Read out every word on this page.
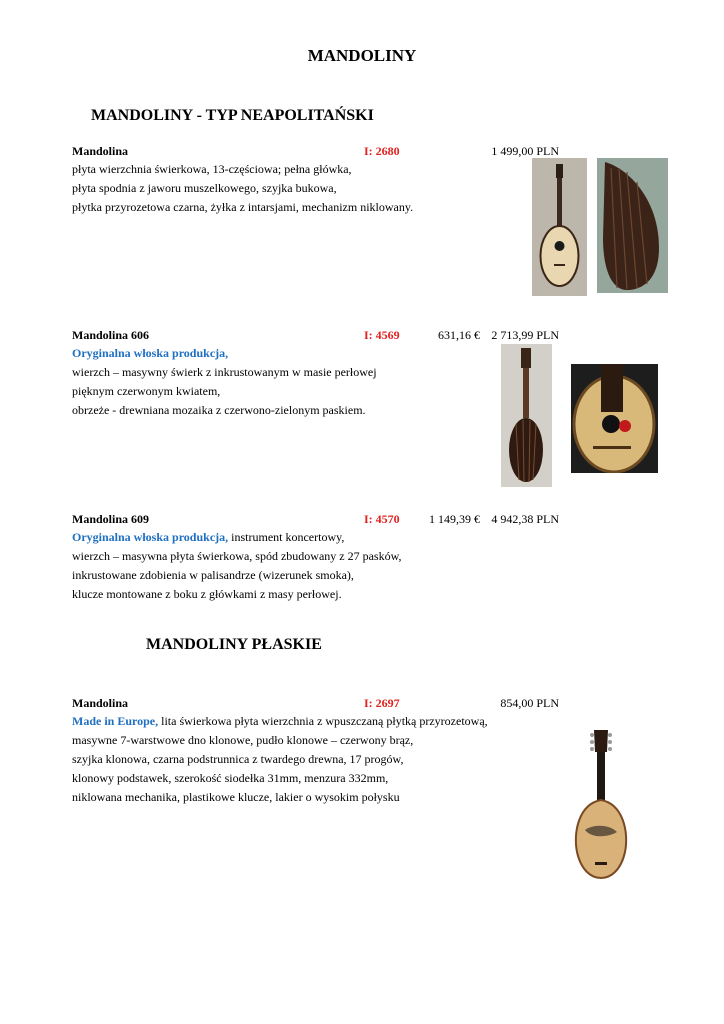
MANDOLINY
MANDOLINY - TYP NEAPOLITAŃSKI
Mandolina	I: 2680	1 499,00 PLN
płyta wierzchnia świerkowa, 13-częściowa; pełna główka,
płyta spodnia z jaworu muszelkowego, szyjka bukowa,
płytka przyrozetowa czarna, żyłka z intarsjami, mechanizm niklowany.
Mandolina 606	I: 4569	631,16 € 2 713,99 PLN
Oryginalna włoska produkcja,
wierzch – masywny świerk z inkrustowanym w masie perłowej
pięknym czerwonym kwiatem,
obrzeże - drewniana mozaika z czerwono-zielonym paskiem.
Mandolina 609	I: 4570 1 149,39 € 4 942,38 PLN
Oryginalna włoska produkcja, instrument koncertowy,
wierzch – masywna płyta świerkowa, spód zbudowany z 27 pasków,
inkrustowane zdobienia w palisandrze (wizerunek smoka),
klucze montowane z boku z główkami z masy perłowej.
MANDOLINY PŁASKIE
Mandolina	I: 2697	854,00 PLN
Made in Europe, lita świerkowa płyta wierzchnia z wpuszczaną płytką przyrozetową,
masywne 7-warstwowe dno klonowe, pudło klonowe – czerwony brąz,
szyjka klonowa, czarna podstrunnica z twardego drewna, 17 progów,
klonowy podstawek, szerokość siodełka 31mm, menzura 332mm,
niklowana mechanika, plastikowe klucze, lakier o wysokim połysku
